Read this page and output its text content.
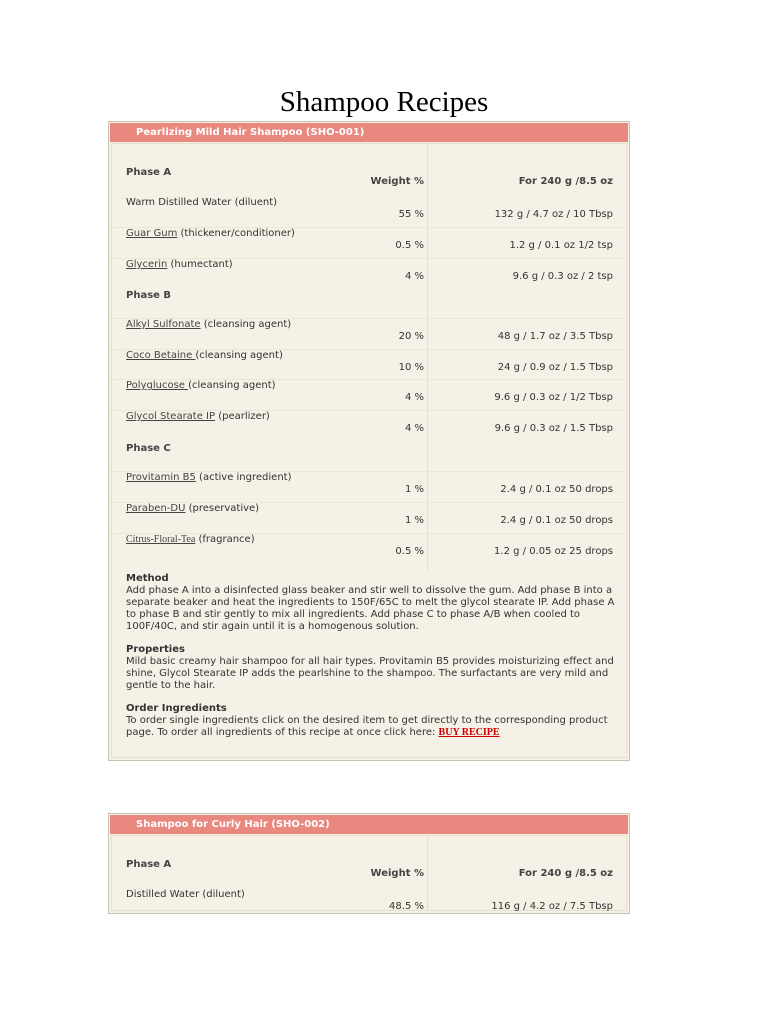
Shampoo Recipes
Pearlizing Mild Hair Shampoo (SHO-001)
Phase A
Weight %	For 240 g /8.5 oz
Warm Distilled Water (diluent)
55 %	132 g / 4.7 oz / 10 Tbsp
Guar Gum (thickener/conditioner)
0.5 %	1.2 g / 0.1 oz 1/2 tsp
Glycerin (humectant)
4 %	9.6 g / 0.3 oz / 2 tsp
Phase B
Alkyl Sulfonate (cleansing agent)
20 %	48 g / 1.7 oz / 3.5 Tbsp
Coco Betaine (cleansing agent)
10 %	24 g / 0.9 oz / 1.5 Tbsp
Polyglucose (cleansing agent)
4 %	9.6 g / 0.3 oz / 1/2 Tbsp
Glycol Stearate IP (pearlizer)
4 %	9.6 g / 0.3 oz / 1.5 Tbsp
Phase C
Provitamin B5 (active ingredient)
1 %	2.4 g / 0.1 oz 50 drops
Paraben-DU (preservative)
1 %	2.4 g / 0.1 oz 50 drops
Citrus-Floral-Tea (fragrance)
0.5 %	1.2 g / 0.05 oz 25 drops
Method
Add phase A into a disinfected glass beaker and stir well to dissolve the gum. Add phase B into a separate beaker and heat the ingredients to 150F/65C to melt the glycol stearate IP. Add phase A to phase B and stir gently to mix all ingredients. Add phase C to phase A/B when cooled to 100F/40C, and stir again until it is a homogenous solution.
Properties
Mild basic creamy hair shampoo for all hair types. Provitamin B5 provides moisturizing effect and shine, Glycol Stearate IP adds the pearlshine to the shampoo. The surfactants are very mild and gentle to the hair.
Order Ingredients
To order single ingredients click on the desired item to get directly to the corresponding product page. To order all ingredients of this recipe at once click here: BUY RECIPE
Shampoo for Curly Hair (SHO-002)
Phase A
Weight %	For 240 g /8.5 oz
Distilled Water (diluent)
48.5 %	116 g / 4.2 oz / 7.5 Tbsp
